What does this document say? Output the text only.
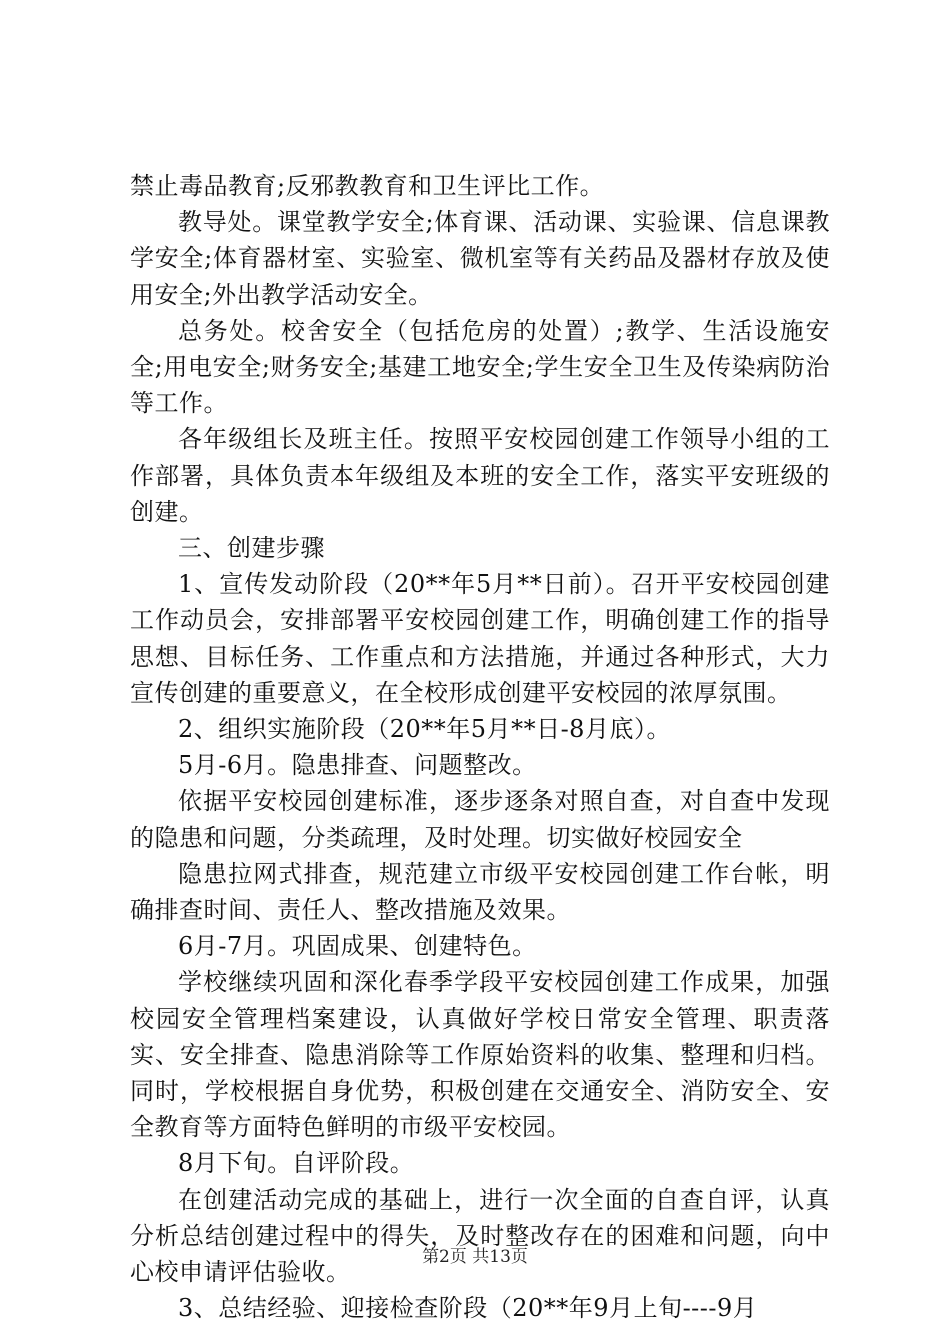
禁止毒品教育;反邪教教育和卫生评比工作。

教导处。课堂教学安全;体育课、活动课、实验课、信息课教学安全;体育器材室、实验室、微机室等有关药品及器材存放及使用安全;外出教学活动安全。

总务处。校舍安全（包括危房的处置）;教学、生活设施安全;用电安全;财务安全;基建工地安全;学生安全卫生及传染病防治等工作。

各年级组长及班主任。按照平安校园创建工作领导小组的工作部署，具体负责本年级组及本班的安全工作，落实平安班级的创建。

三、创建步骤

1、宣传发动阶段（20**年5月**日前）。召开平安校园创建工作动员会，安排部署平安校园创建工作，明确创建工作的指导思想、目标任务、工作重点和方法措施，并通过各种形式，大力宣传创建的重要意义，在全校形成创建平安校园的浓厚氛围。

2、组织实施阶段（20**年5月**日-8月底）。

5月-6月。隐患排查、问题整改。

依据平安校园创建标准，逐步逐条对照自查，对自查中发现的隐患和问题，分类疏理，及时处理。切实做好校园安全

隐患拉网式排查，规范建立市级平安校园创建工作台帐，明确排查时间、责任人、整改措施及效果。

6月-7月。巩固成果、创建特色。

学校继续巩固和深化春季学段平安校园创建工作成果，加强校园安全管理档案建设，认真做好学校日常安全管理、职责落实、安全排查、隐患消除等工作原始资料的收集、整理和归档。同时，学校根据自身优势，积极创建在交通安全、消防安全、安全教育等方面特色鲜明的市级平安校园。

8月下旬。自评阶段。

在创建活动完成的基础上，进行一次全面的自查自评，认真分析总结创建过程中的得失，及时整改存在的困难和问题，向中心校申请评估验收。

3、总结经验、迎接检查阶段（20**年9月上旬----9月

第2页 共13页
